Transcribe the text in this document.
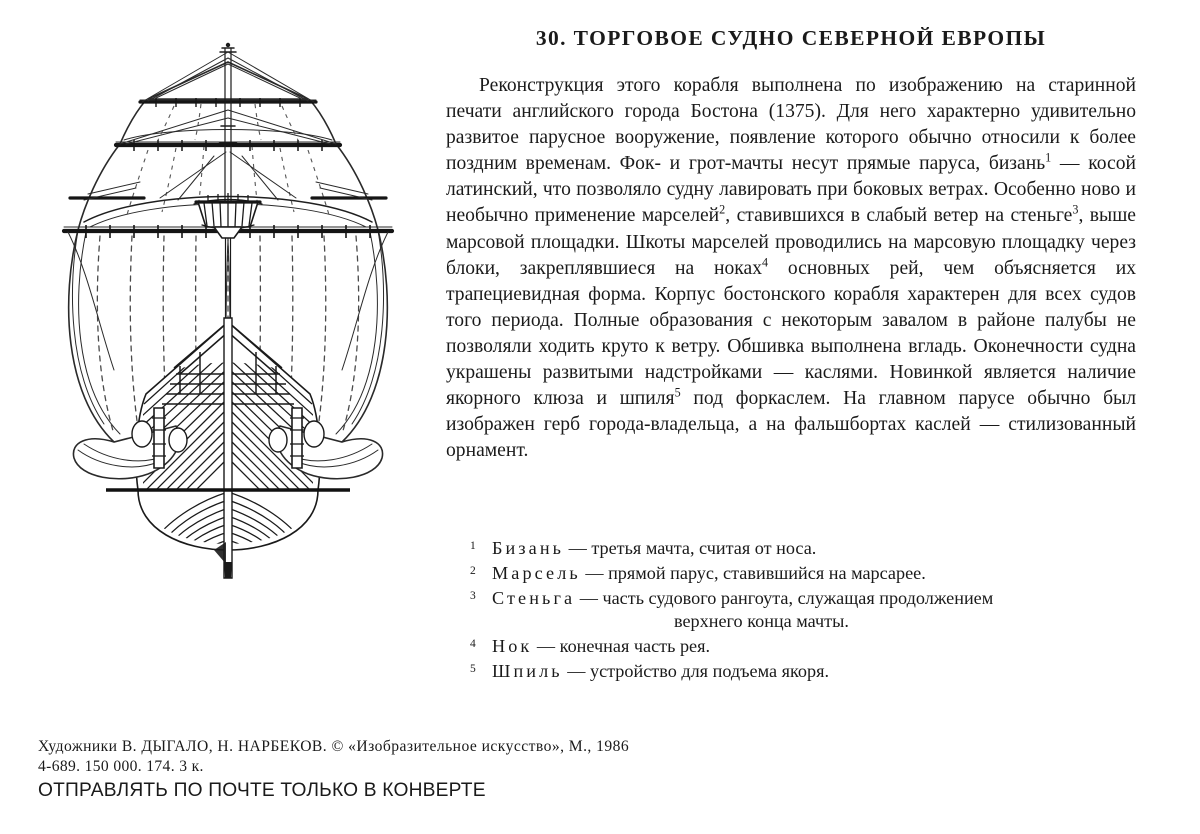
30. ТОРГОВОЕ СУДНО СЕВЕРНОЙ ЕВРОПЫ

Реконструкция этого корабля выполнена по изображению на старинной печати английского города Бостона (1375). Для него характерно удивительно развитое парусное вооружение, появление которого обычно относили к более поздним временам. Фок- и грот-мачты несут прямые паруса, бизань$^1$ — косой латинский, что позволяло судну лавировать при боковых ветрах. Особенно ново и необычно применение марселей$^2$, ставившихся в слабый ветер на стеньге$^3$, выше марсовой площадки. Шкоты марселей проводились на марсовую площадку через блоки, закреплявшиеся на ноках$^4$ основных рей, чем объясняется их трапециевидная форма. Корпус бостонского корабля характерен для всех судов того периода. Полные образования с некоторым завалом в районе палубы не позволяли ходить круто к ветру. Обшивка выполнена вгладь. Оконечности судна украшены развитыми надстройками — каслями. Новинкой является наличие якорного клюза и шпиля$^5$ под форкаслем. На главном парусе обычно был изображен герб города-владельца, а на фальшбортах каслей — стилизованный орнамент.

1 Бизань — третья мачта, считая от носа.
2 Марсель — прямой парус, ставившийся на марсарее.
3 Стеньга — часть судового рангоута, служащая продолжением
верхнего конца мачты.
4 Нок — конечная часть рея.
5 Шпиль — устройство для подъема якоря.
Художники В. ДЫГАЛО, Н. НАРБЕКОВ. © «Изобразительное искусство», М., 1986
4-689. 150 000. 174. 3 к.
ОТПРАВЛЯТЬ ПО ПОЧТЕ ТОЛЬКО В КОНВЕРТЕ
